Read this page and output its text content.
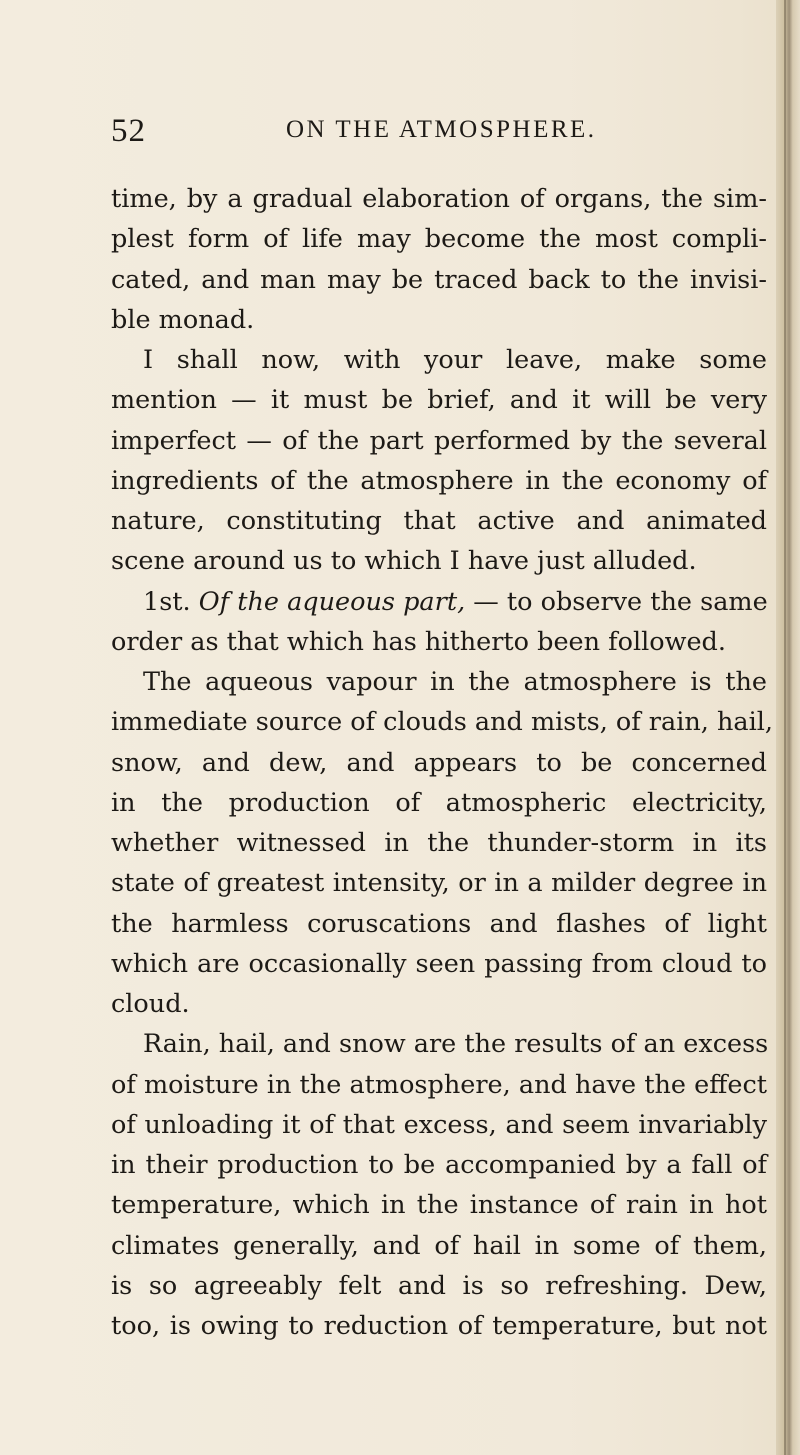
52	ON THE ATMOSPHERE.
time, by a gradual elaboration of organs, the sim-
plest form of life may become the most compli-
cated, and man may be traced back to the invisi-
ble monad.
I shall now, with your leave, make some
mention — it must be brief, and it will be very
imperfect — of the part performed by the several
ingredients of the atmosphere in the economy of
nature, constituting that active and animated
scene around us to which I have just alluded.
1st. Of the aqueous part, — to observe the same
order as that which has hitherto been followed.
The aqueous vapour in the atmosphere is the
immediate source of clouds and mists, of rain, hail,
snow, and dew, and appears to be concerned
in the production of atmospheric electricity,
whether witnessed in the thunder-storm in its
state of greatest intensity, or in a milder degree in
the harmless coruscations and flashes of light
which are occasionally seen passing from cloud to
cloud.
Rain, hail, and snow are the results of an excess
of moisture in the atmosphere, and have the effect
of unloading it of that excess, and seem invariably
in their production to be accompanied by a fall of
temperature, which in the instance of rain in hot
climates generally, and of hail in some of them,
is so agreeably felt and is so refreshing. Dew,
too, is owing to reduction of temperature, but not
